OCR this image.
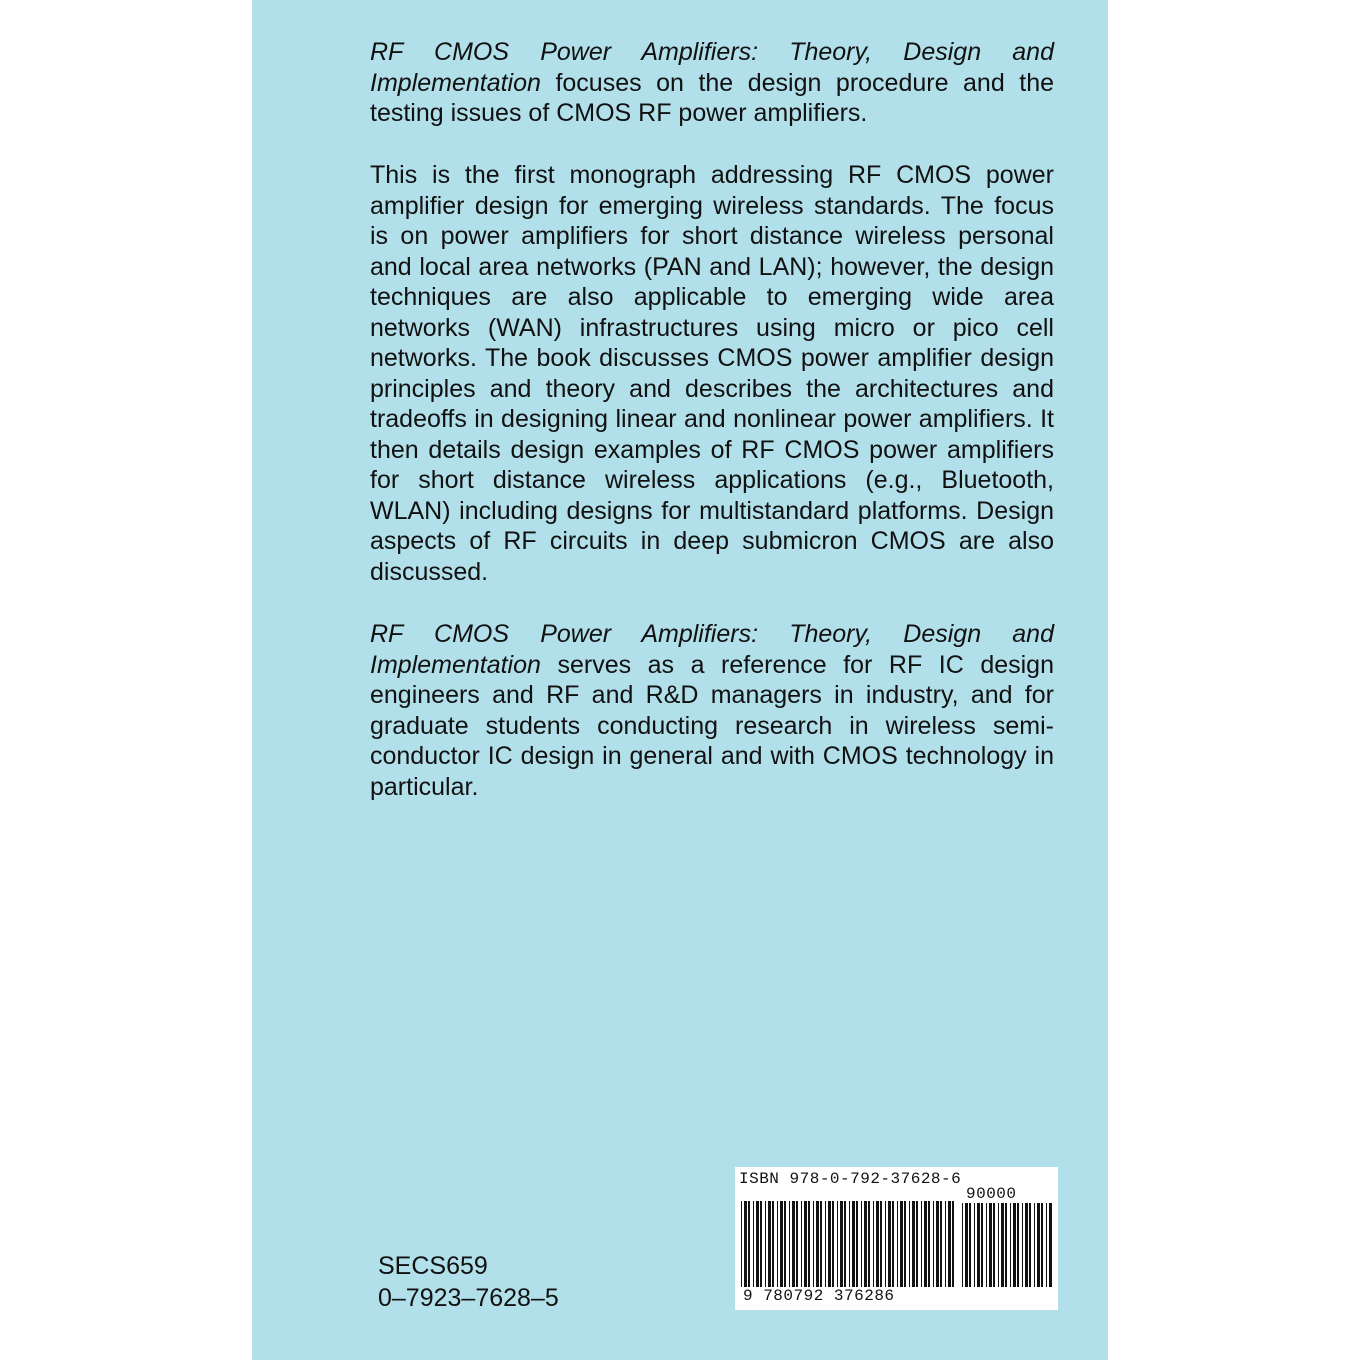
RF CMOS Power Amplifiers: Theory, Design and Implementation focuses on the design procedure and the testing issues of CMOS RF power amplifiers.

This is the first monograph addressing RF CMOS power amplifier design for emerging wireless standards. The focus is on power amplifiers for short distance wireless personal and local area networks (PAN and LAN); however, the design techniques are also applicable to emerging wide area networks (WAN) infrastructures using micro or pico cell networks. The book discusses CMOS power amplifier design principles and theory and describes the architectures and tradeoffs in designing linear and nonlinear power amplifiers. It then details design examples of RF CMOS power amplifiers for short distance wireless applications (e.g., Bluetooth, WLAN) including designs for multistandard platforms. Design aspects of RF circuits in deep submicron CMOS are also discussed.

RF CMOS Power Amplifiers: Theory, Design and Implementation serves as a reference for RF IC design engineers and RF and R&D managers in industry, and for graduate students conducting research in wireless semiconductor IC design in general and with CMOS technology in particular.

SECS659
0–7923–7628–5
ISBN 978-0-792-37628-6
90000
9 780792 376286
